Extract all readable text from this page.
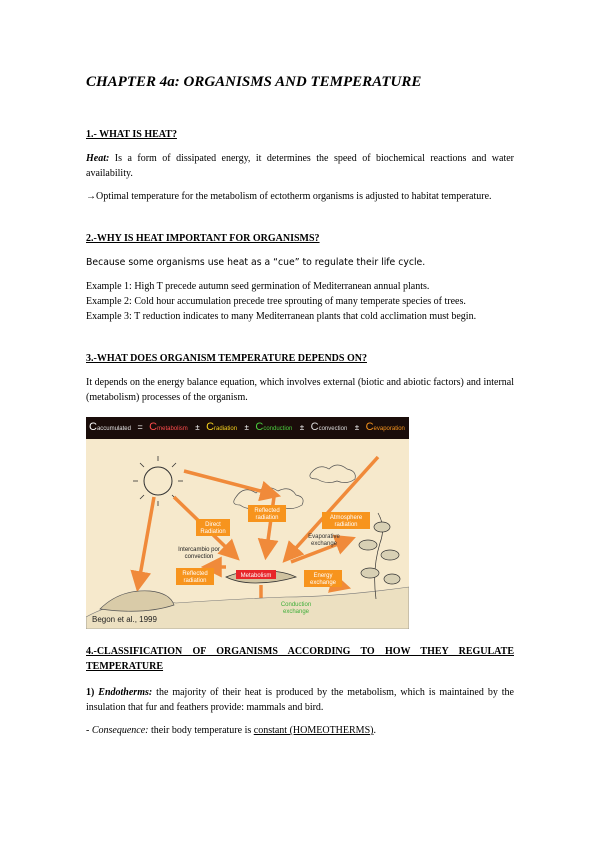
CHAPTER 4a: ORGANISMS AND TEMPERATURE
1.- WHAT IS HEAT?
Heat: Is a form of dissipated energy, it determines the speed of biochemical reactions and water availability.
→Optimal temperature for the metabolism of ectotherm organisms is adjusted to habitat temperature.
2.-WHY IS HEAT IMPORTANT FOR ORGANISMS?
Because some organisms use heat as a “cue” to regulate their life cycle.
Example 1: High T precede autumn seed germination of Mediterranean annual plants.
Example 2: Cold hour accumulation precede tree sprouting of many temperate species of trees.
Example 3: T reduction indicates to many Mediterranean plants that cold acclimation must begin.
3.-WHAT DOES ORGANISM TEMPERATURE DEPENDS ON?
It depends on the energy balance equation, which involves external (biotic and abiotic factors) and internal (metabolism) processes of the organism.
Caccumulated = Cmetabolism ± Cradiation ± Cconduction ± Cconvection ± Cevaporation
Reflected
radiation	Atmosphere
radiation
Direct
Radiation
Evaporative
exchange
Intercambio por
convection
Reflected
radiation
Metabolism	Energy
exchange
Conduction
exchange
Begon et al., 1999
4.-CLASSIFICATION OF ORGANISMS ACCORDING TO HOW THEY REGULATE TEMPERATURE
1) Endotherms: the majority of their heat is produced by the metabolism, which is maintained by the insulation that fur and feathers provide: mammals and bird.
- Consequence: their body temperature is constant (HOMEOTHERMS).
